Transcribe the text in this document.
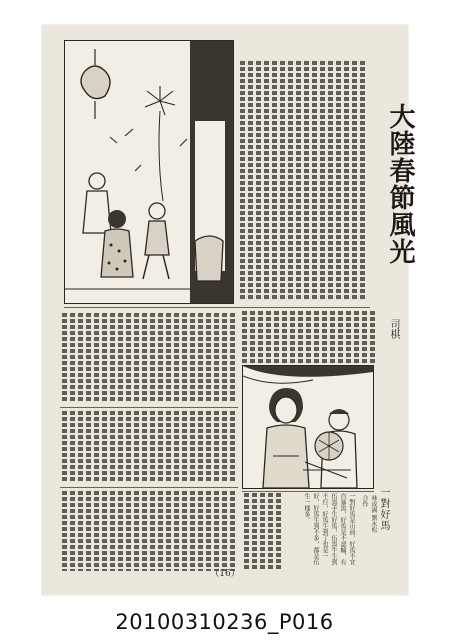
大陸春節風光
司棋
一對好馬
林成國 劉永松 合作
一對好馬是山前，好馬不宜自暴黑，好馬是不認輸，有伍黑手生好馬，伍黑牛生到不行，好馬生到了也是一好，好馬生到不多，都是伍生一樣多。
（16）
20100310236_P016
